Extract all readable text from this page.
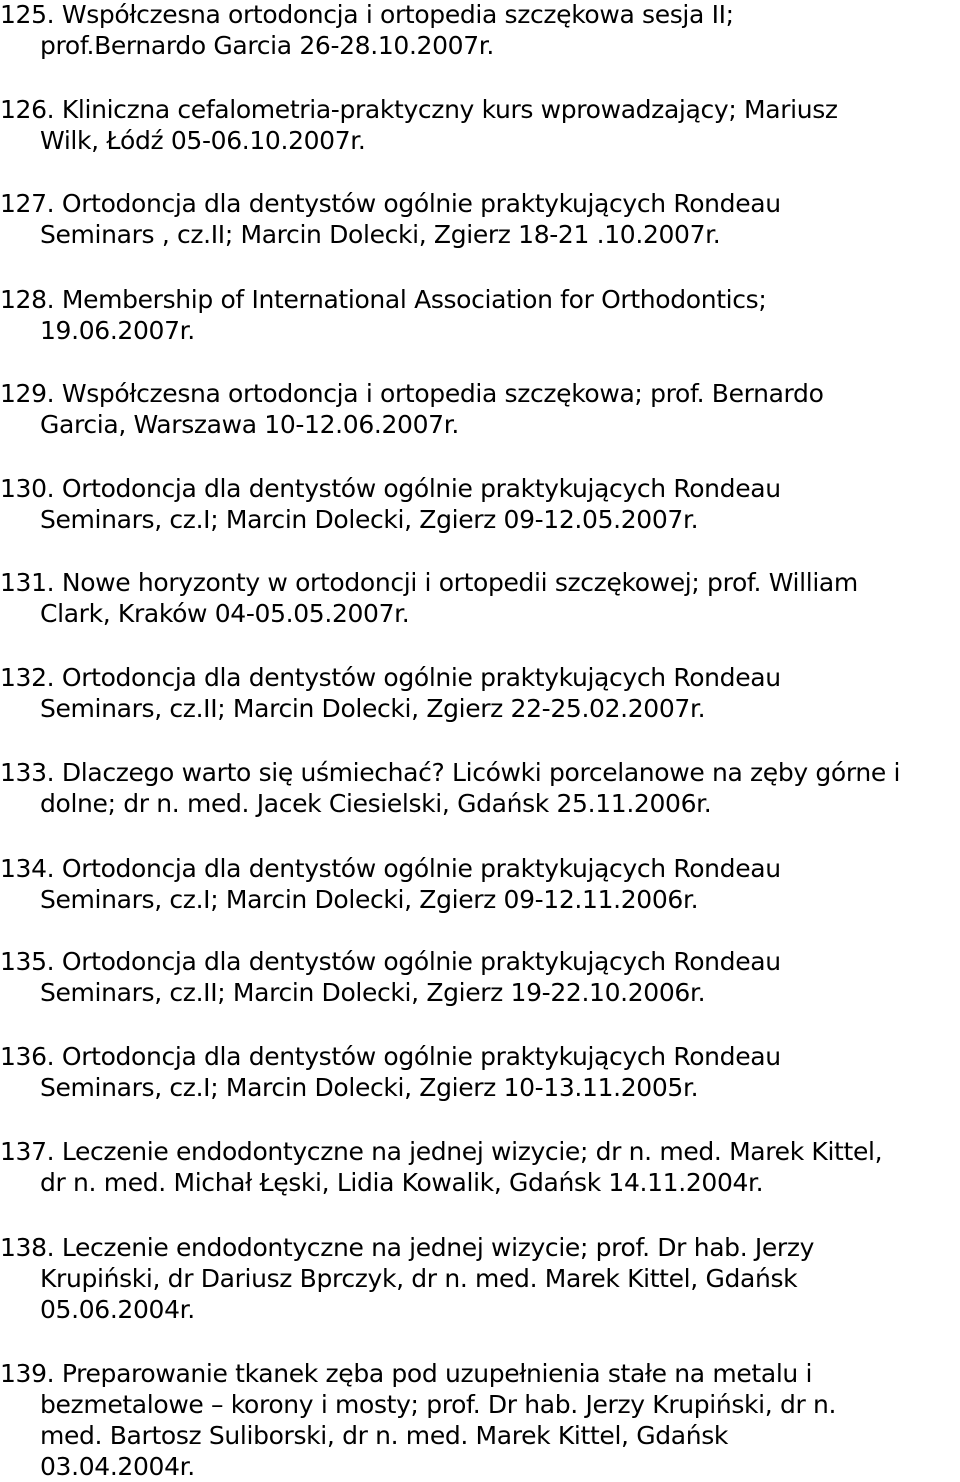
125. Współczesna ortodoncja i ortopedia szczękowa sesja II;
prof.Bernardo Garcia 26-28.10.2007r.
126. Kliniczna cefalometria-praktyczny kurs wprowadzający; Mariusz
Wilk, Łódź 05-06.10.2007r.
127. Ortodoncja dla dentystów ogólnie praktykujących Rondeau
Seminars , cz.II; Marcin Dolecki, Zgierz 18-21 .10.2007r.
128. Membership of International Association for Orthodontics;
19.06.2007r.
129. Współczesna ortodoncja i ortopedia szczękowa; prof. Bernardo
Garcia, Warszawa 10-12.06.2007r.
130. Ortodoncja dla dentystów ogólnie praktykujących Rondeau
Seminars, cz.I; Marcin Dolecki, Zgierz 09-12.05.2007r.
131. Nowe horyzonty w ortodoncji i ortopedii szczękowej; prof. William
Clark, Kraków 04-05.05.2007r.
132. Ortodoncja dla dentystów ogólnie praktykujących Rondeau
Seminars, cz.II; Marcin Dolecki, Zgierz 22-25.02.2007r.
133. Dlaczego warto się uśmiechać? Licówki porcelanowe na zęby górne i
dolne; dr n. med. Jacek Ciesielski, Gdańsk 25.11.2006r.
134. Ortodoncja dla dentystów ogólnie praktykujących Rondeau
Seminars, cz.I; Marcin Dolecki, Zgierz 09-12.11.2006r.
135. Ortodoncja dla dentystów ogólnie praktykujących Rondeau
Seminars, cz.II; Marcin Dolecki, Zgierz 19-22.10.2006r.
136. Ortodoncja dla dentystów ogólnie praktykujących Rondeau
Seminars, cz.I; Marcin Dolecki, Zgierz 10-13.11.2005r.
137. Leczenie endodontyczne na jednej wizycie; dr n. med. Marek Kittel,
dr n. med. Michał Łęski, Lidia Kowalik, Gdańsk 14.11.2004r.
138. Leczenie endodontyczne na jednej wizycie; prof. Dr hab. Jerzy
Krupiński, dr Dariusz Bprczyk, dr n. med. Marek Kittel, Gdańsk
05.06.2004r.
139. Preparowanie tkanek zęba pod uzupełnienia stałe na metalu i
bezmetalowe – korony i mosty; prof. Dr hab. Jerzy Krupiński, dr n.
med. Bartosz Suliborski, dr n. med. Marek Kittel, Gdańsk
03.04.2004r.
